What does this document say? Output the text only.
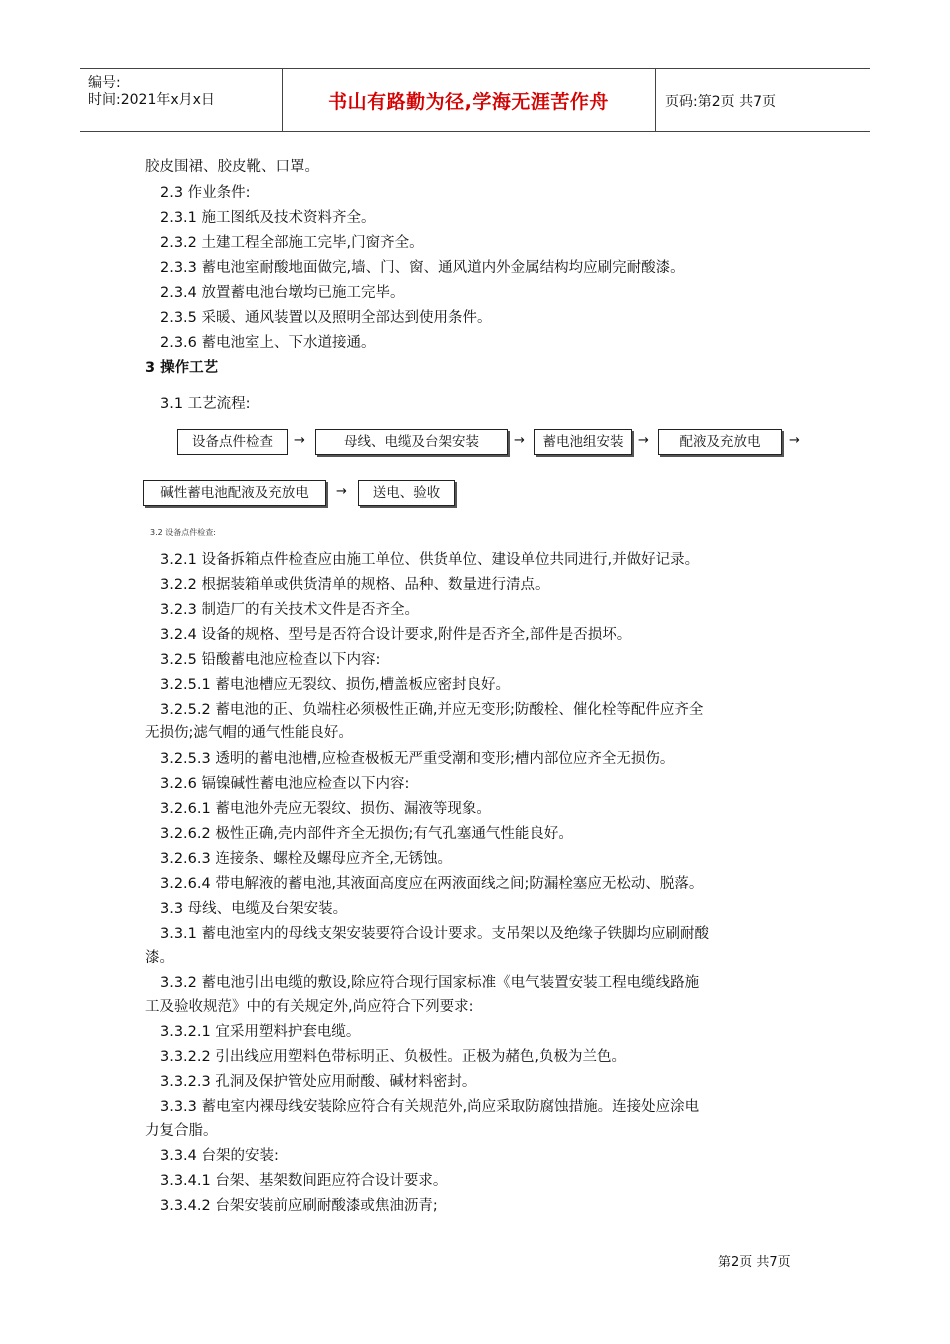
编号:
时间:2021年x月x日	书山有路勤为径,学海无涯苦作舟	页码:第2页 共7页
胶皮围裙、胶皮靴、口罩。
2.3 作业条件:
2.3.1 施工图纸及技术资料齐全。
2.3.2 土建工程全部施工完毕,门窗齐全。
2.3.3 蓄电池室耐酸地面做完,墙、门、窗、通风道内外金属结构均应刷完耐酸漆。
2.3.4 放置蓄电池台墩均已施工完毕。
2.3.5 采暖、通风装置以及照明全部达到使用条件。
2.3.6 蓄电池室上、下水道接通。
3 操作工艺
3.1 工艺流程:
设备点件检查	→	母线、电缆及台架安装	→	蓄电池组安装	→	配液及充放电	→
碱性蓄电池配液及充放电	→	送电、验收
3.2 设备点件检查:
3.2.1 设备拆箱点件检查应由施工单位、供货单位、建设单位共同进行,并做好记录。
3.2.2 根据装箱单或供货清单的规格、品种、数量进行清点。
3.2.3 制造厂的有关技术文件是否齐全。
3.2.4 设备的规格、型号是否符合设计要求,附件是否齐全,部件是否损坏。
3.2.5 铅酸蓄电池应检查以下内容:
3.2.5.1 蓄电池槽应无裂纹、损伤,槽盖板应密封良好。
3.2.5.2 蓄电池的正、负端柱必须极性正确,并应无变形;防酸栓、催化栓等配件应齐全
无损伤;滤气帽的通气性能良好。
3.2.5.3 透明的蓄电池槽,应检查极板无严重受潮和变形;槽内部位应齐全无损伤。
3.2.6 镉镍碱性蓄电池应检查以下内容:
3.2.6.1 蓄电池外壳应无裂纹、损伤、漏液等现象。
3.2.6.2 极性正确,壳内部件齐全无损伤;有气孔塞通气性能良好。
3.2.6.3 连接条、螺栓及螺母应齐全,无锈蚀。
3.2.6.4 带电解液的蓄电池,其液面高度应在两液面线之间;防漏栓塞应无松动、脱落。
3.3 母线、电缆及台架安装。
3.3.1 蓄电池室内的母线支架安装要符合设计要求。支吊架以及绝缘子铁脚均应刷耐酸
漆。
3.3.2 蓄电池引出电缆的敷设,除应符合现行国家标准《电气装置安装工程电缆线路施
工及验收规范》中的有关规定外,尚应符合下列要求:
3.3.2.1 宜采用塑料护套电缆。
3.3.2.2 引出线应用塑料色带标明正、负极性。正极为赭色,负极为兰色。
3.3.2.3 孔洞及保护管处应用耐酸、碱材料密封。
3.3.3 蓄电室内裸母线安装除应符合有关规范外,尚应采取防腐蚀措施。连接处应涂电
力复合脂。
3.3.4 台架的安装:
3.3.4.1 台架、基架数间距应符合设计要求。
3.3.4.2 台架安装前应刷耐酸漆或焦油沥青;
第2页 共7页
